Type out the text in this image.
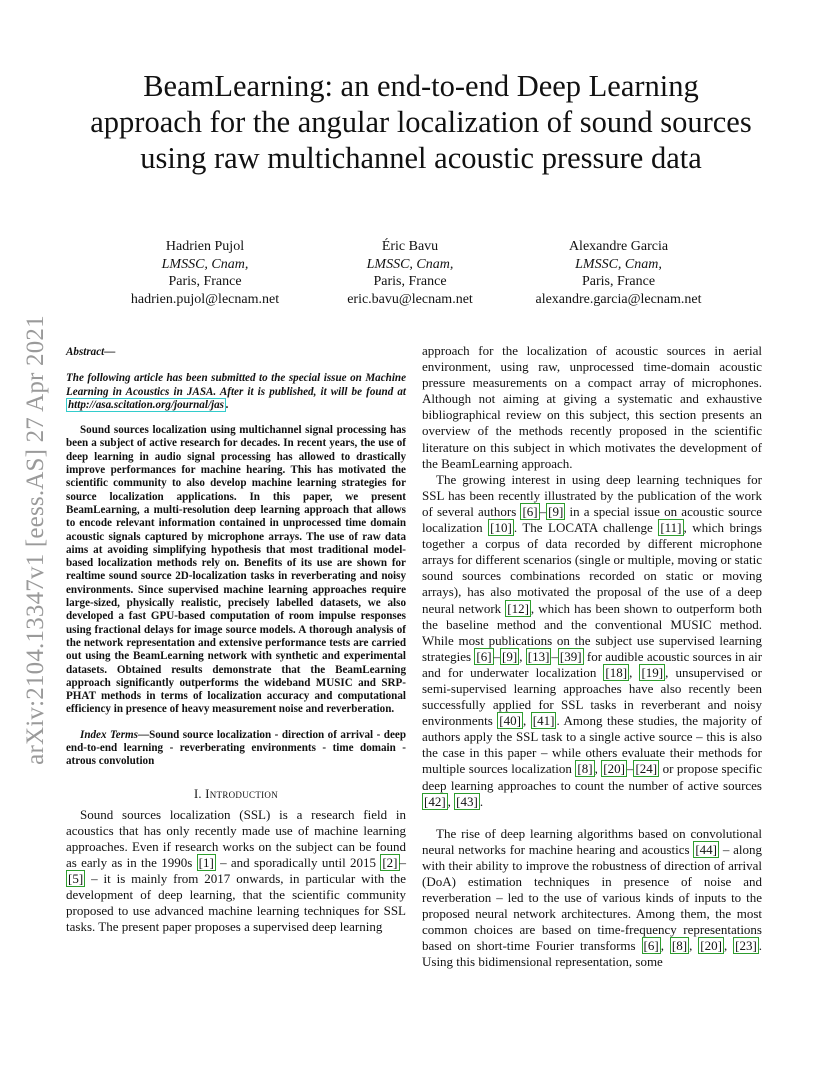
arXiv:2104.13347v1 [eess.AS] 27 Apr 2021
BeamLearning: an end-to-end Deep Learning approach for the angular localization of sound sources using raw multichannel acoustic pressure data
Hadrien Pujol
LMSSC, Cnam,
Paris, France
hadrien.pujol@lecnam.net
Éric Bavu
LMSSC, Cnam,
Paris, France
eric.bavu@lecnam.net
Alexandre Garcia
LMSSC, Cnam,
Paris, France
alexandre.garcia@lecnam.net

Abstract—

The following article has been submitted to the special issue on Machine Learning in Acoustics in JASA. After it is published, it will be found at http://asa.scitation.org/journal/jas .

Sound sources localization using multichannel signal processing has been a subject of active research for decades. In recent years, the use of deep learning in audio signal processing has allowed to drastically improve performances for machine hearing. This has motivated the scientific community to also develop machine learning strategies for source localization applications. In this paper, we present BeamLearning, a multi-resolution deep learning approach that allows to encode relevant information contained in unprocessed time domain acoustic signals captured by microphone arrays. The use of raw data aims at avoiding simplifying hypothesis that most traditional model-based localization methods rely on. Benefits of its use are shown for realtime sound source 2D-localization tasks in reverberating and noisy environments. Since supervised machine learning approaches require large-sized, physically realistic, precisely labelled datasets, we also developed a fast GPU-based computation of room impulse responses using fractional delays for image source models. A thorough analysis of the network representation and extensive performance tests are carried out using the BeamLearning network with synthetic and experimental datasets. Obtained results demonstrate that the BeamLearning approach significantly outperforms the wideband MUSIC and SRP-PHAT methods in terms of localization accuracy and computational efficiency in presence of heavy measurement noise and reverberation.

Index Terms—Sound source localization - direction of arrival - deep end-to-end learning - reverberating environments - time domain - atrous convolution

I. Introduction

Sound sources localization (SSL) is a research field in acoustics that has only recently made use of machine learning approaches. Even if research works on the subject can be found as early as in the 1990s [1] – and sporadically until 2015 [2] –[5] – it is mainly from 2017 onwards, in particular with the development of deep learning, that the scientific community proposed to use advanced machine learning techniques for SSL tasks. The present paper proposes a supervised deep learning

approach for the localization of acoustic sources in aerial environment, using raw, unprocessed time-domain acoustic pressure measurements on a compact array of microphones. Although not aiming at giving a systematic and exhaustive bibliographical review on this subject, this section presents an overview of the methods recently proposed in the scientific literature on this subject in which motivates the development of the BeamLearning approach.

The growing interest in using deep learning techniques for SSL has been recently illustrated by the publication of the work of several authors [6] – [9] in a special issue on acoustic source localization [10] . The LOCATA challenge [11] , which brings together a corpus of data recorded by different microphone arrays for different scenarios (single or multiple, moving or static sound sources combinations recorded on static or moving arrays), has also motivated the proposal of the use of a deep neural network [12] , which has been shown to outperform both the baseline method and the conventional MUSIC method. While most publications on the subject use supervised learning strategies [6] – [9] , [13] – [39] for audible acoustic sources in air and for underwater localization [18] , [19] , unsupervised or semi-supervised learning approaches have also recently been successfully applied for SSL tasks in reverberant and noisy environments [40] , [41] . Among these studies, the majority of authors apply the SSL task to a single active source – this is also the case in this paper – while others evaluate their methods for multiple sources localization [8] , [20] – [24] or propose specific deep learning approaches to count the number of active sources [42] , [43] .

The rise of deep learning algorithms based on convolutional neural networks for machine hearing and acoustics [44] – along with their ability to improve the robustness of direction of arrival (DoA) estimation techniques in presence of noise and reverberation – led to the use of various kinds of inputs to the proposed neural network architectures. Among them, the most common choices are based on time-frequency representations based on short-time Fourier transforms [6] , [8] , [20] , [23] . Using this bidimensional representation, some
